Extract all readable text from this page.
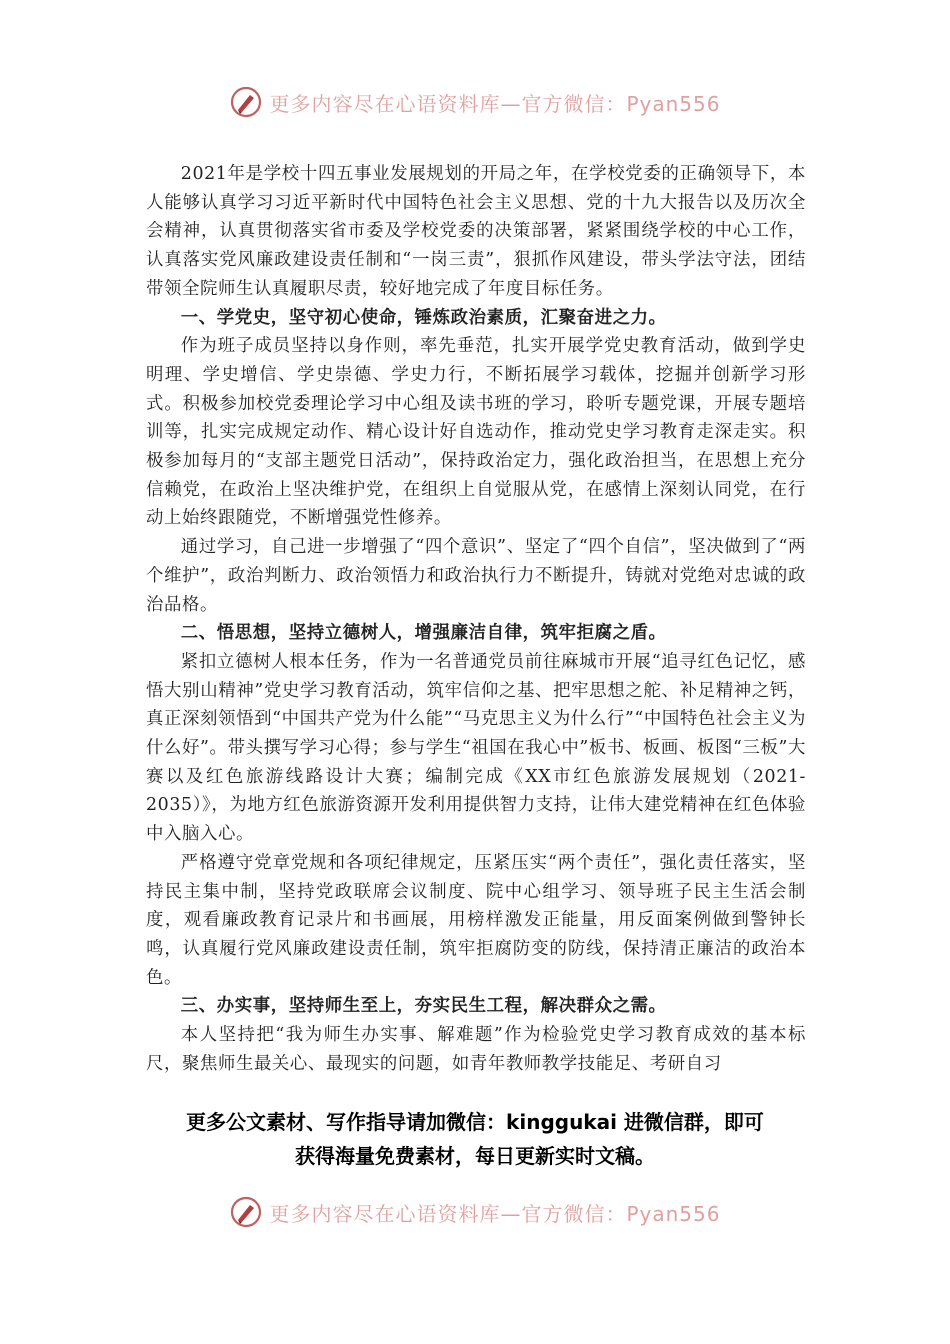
更多内容尽在心语资料库—官方微信：Pyan556

2021年是学校十四五事业发展规划的开局之年，在学校党委的正确领导下，本人能够认真学习习近平新时代中国特色社会主义思想、党的十九大报告以及历次全会精神，认真贯彻落实省市委及学校党委的决策部署，紧紧围绕学校的中心工作，认真落实党风廉政建设责任制和“一岗三责”，狠抓作风建设，带头学法守法，团结带领全院师生认真履职尽责，较好地完成了年度目标任务。

一、学党史，坚守初心使命，锤炼政治素质，汇聚奋进之力。

作为班子成员坚持以身作则，率先垂范，扎实开展学党史教育活动，做到学史明理、学史增信、学史崇德、学史力行，不断拓展学习载体，挖掘并创新学习形式。积极参加校党委理论学习中心组及读书班的学习，聆听专题党课，开展专题培训等，扎实完成规定动作、精心设计好自选动作，推动党史学习教育走深走实。积极参加每月的“支部主题党日活动”，保持政治定力，强化政治担当，在思想上充分信赖党，在政治上坚决维护党，在组织上自觉服从党，在感情上深刻认同党，在行动上始终跟随党，不断增强党性修养。

通过学习，自己进一步增强了“四个意识”、坚定了“四个自信”，坚决做到了“两个维护”，政治判断力、政治领悟力和政治执行力不断提升，铸就对党绝对忠诚的政治品格。

二、悟思想，坚持立德树人，增强廉洁自律，筑牢拒腐之盾。

紧扣立德树人根本任务，作为一名普通党员前往麻城市开展“追寻红色记忆，感悟大别山精神”党史学习教育活动，筑牢信仰之基、把牢思想之舵、补足精神之钙，真正深刻领悟到“中国共产党为什么能”“马克思主义为什么行”“中国特色社会主义为什么好”。带头撰写学习心得；参与学生“祖国在我心中”板书、板画、板图“三板”大赛以及红色旅游线路设计大赛；编制完成《XX市红色旅游发展规划（2021-2035）》，为地方红色旅游资源开发利用提供智力支持，让伟大建党精神在红色体验中入脑入心。

严格遵守党章党规和各项纪律规定，压紧压实“两个责任”，强化责任落实，坚持民主集中制，坚持党政联席会议制度、院中心组学习、领导班子民主生活会制度，观看廉政教育记录片和书画展，用榜样激发正能量，用反面案例做到警钟长鸣，认真履行党风廉政建设责任制，筑牢拒腐防变的防线，保持清正廉洁的政治本色。

三、办实事，坚持师生至上，夯实民生工程，解决群众之需。

本人坚持把“我为师生办实事、解难题”作为检验党史学习教育成效的基本标尺，聚焦师生最关心、最现实的问题，如青年教师教学技能足、考研自习

更多公文素材、写作指导请加微信：kinggukai 进微信群，即可
获得海量免费素材，每日更新实时文稿。
更多内容尽在心语资料库—官方微信：Pyan556
